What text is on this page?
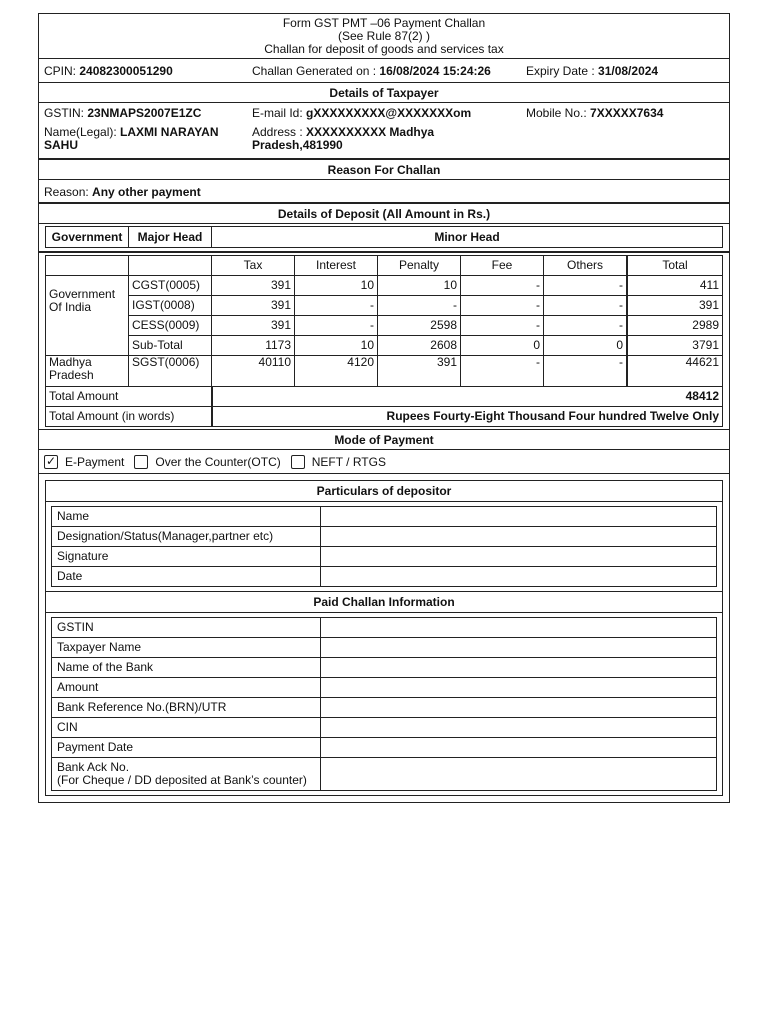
Form GST PMT –06 Payment Challan
(See Rule 87(2) )
Challan for deposit of goods and services tax
CPIN: 24082300051290	Challan Generated on : 16/08/2024 15:24:26	Expiry Date : 31/08/2024
Details of Taxpayer
GSTIN: 23NMAPS2007E1ZC
Name(Legal): LAXMI NARAYAN SAHU
E-mail Id: gXXXXXXXXX@XXXXXXXom
Address : XXXXXXXXXX Madhya Pradesh,481990
Mobile No.: 7XXXXX7634
Reason For Challan
Reason: Any other payment
Details of Deposit (All Amount in Rs.)
Government	Major Head	Minor Head
		Tax	Interest	Penalty	Fee	Others	Total
Government Of India	CGST(0005)	391	10	10	-	-	411
	IGST(0008)	391	-	-	-	-	391
	CESS(0009)	391	-	2598	-	-	2989
	Sub-Total	1173	10	2608	0	0	3791
Madhya Pradesh	SGST(0006)	40110	4120	391	-	-	44621
Total Amount		48412					
Total Amount (in words)		Rupees Fourty-Eight Thousand Four hundred Twelve Only					
Mode of Payment
✓
E-Payment	Over the Counter(OTC)	NEFT / RTGS
Particulars of depositor
Name	
Designation/Status(Manager,partner etc)	
Signature	
Date	
Paid Challan Information
GSTIN	
Taxpayer Name	
Name of the Bank	
Amount	
Bank Reference No.(BRN)/UTR	
CIN	
Payment Date	

Bank Ack No.
(For Cheque / DD deposited at Bank’s counter)	
